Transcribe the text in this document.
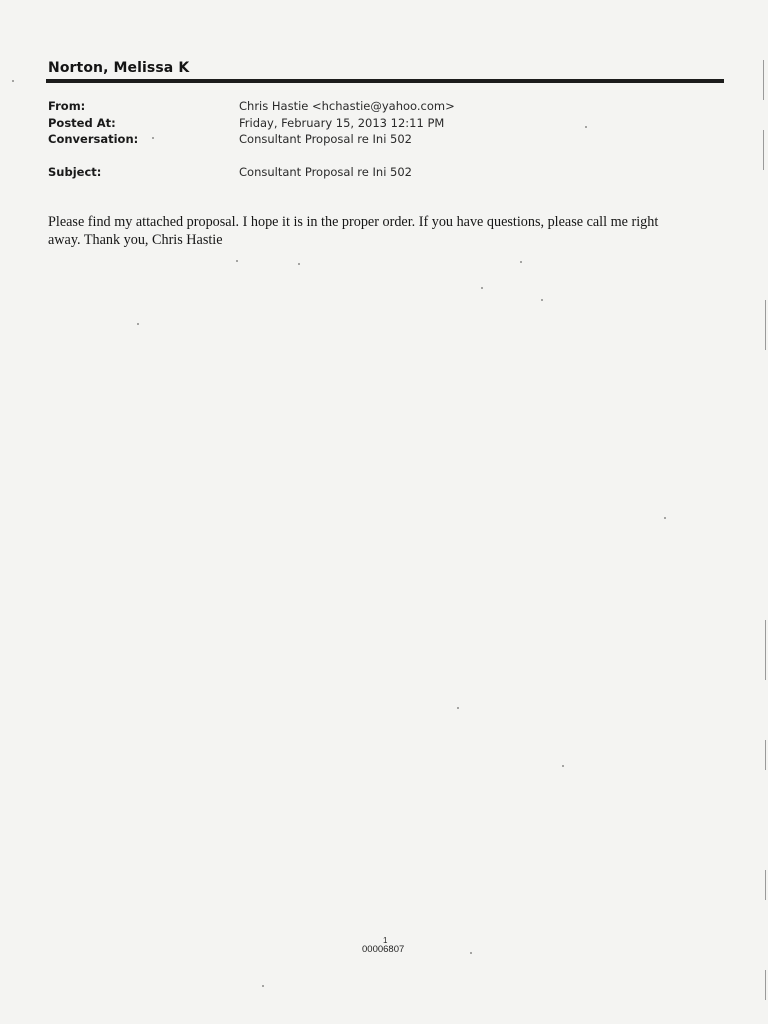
Norton, Melissa K
From:	Chris Hastie <hchastie@yahoo.com>
Posted At:	Friday, February 15, 2013 12:11 PM
Conversation:	Consultant Proposal re Ini 502
Subject:	Consultant Proposal re Ini 502
Please find my attached proposal. I hope it is in the proper order. If you have questions, please call me right
away. Thank you, Chris Hastie
1
00006807
